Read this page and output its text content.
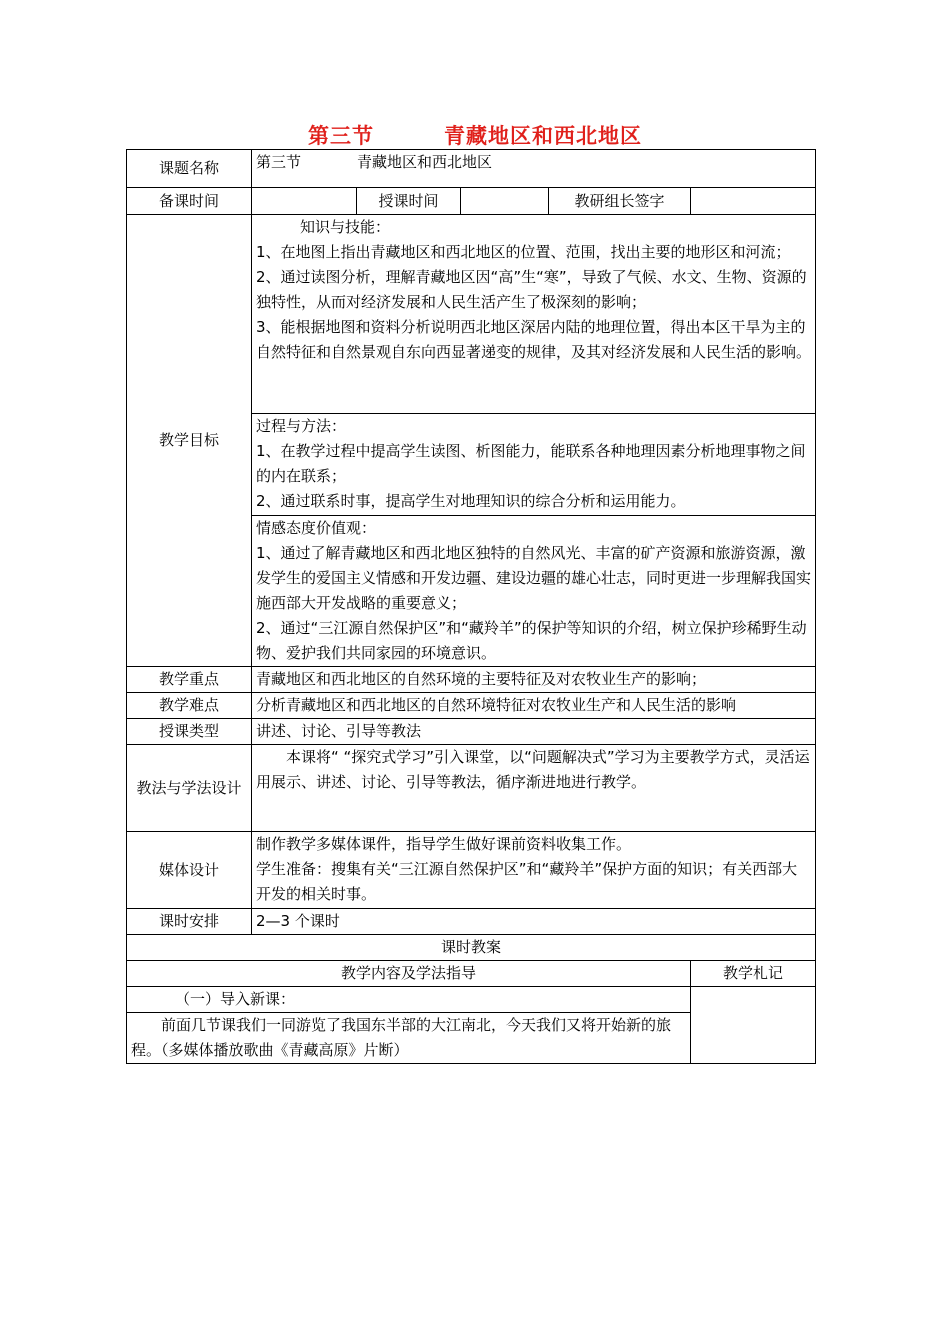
第三节	青藏地区和西北地区
课题名称	第三节 青藏地区和西北地区				
备课时间		授课时间		教研组长签字	
教学目标	知识与技能：

1、在地图上指出青藏地区和西北地区的位置、范围，找出主要的地形区和河流；

2、通过读图分析，理解青藏地区因“高”生“寒”，导致了气候、水文、生物、资源的独特性，从而对经济发展和人民生活产生了极深刻的影响；

3、能根据地图和资料分析说明西北地区深居内陆的地理位置，得出本区干旱为主的自然特征和自然景观自东向西显著递变的规律，及其对经济发展和人民生活的影响。				

	过程与方法：

1、在教学过程中提高学生读图、析图能力，能联系各种地理因素分析地理事物之间的内在联系；

2、通过联系时事，提高学生对地理知识的综合分析和运用能力。				

	情感态度价值观：

1、通过了解青藏地区和西北地区独特的自然风光、丰富的矿产资源和旅游资源，激发学生的爱国主义情感和开发边疆、建设边疆的雄心壮志，同时更进一步理解我国实施西部大开发战略的重要意义；

2、通过“三江源自然保护区”和“藏羚羊”的保护等知识的介绍，树立保护珍稀野生动物、爱护我们共同家园的环境意识。				

教学重点	青藏地区和西北地区的自然环境的主要特征及对农牧业生产的影响；				
教学难点	分析青藏地区和西北地区的自然环境特征对农牧业生产和人民生活的影响				
授课类型	讲述、讨论、引导等教法				
教法与学法设计	本课将“ “探究式学习”引入课堂，以“问题解决式”学习为主要教学方式，灵活运用展示、讲述、讨论、引导等教法，循序渐进地进行教学。				

媒体设计	制作教学多媒体课件，指导学生做好课前资料收集工作。

学生准备：搜集有关“三江源自然保护区”和“藏羚羊”保护方面的知识；有关西部大开发的相关时事。				

课时安排	2—3 个课时				
课时教案					
教学内容及学法指导					教学札记

（一）导入新课：					

前面几节课我们一同游览了我国东半部的大江南北，今天我们又将开始新的旅程。（多媒体播放歌曲《青藏高原》片断）					
